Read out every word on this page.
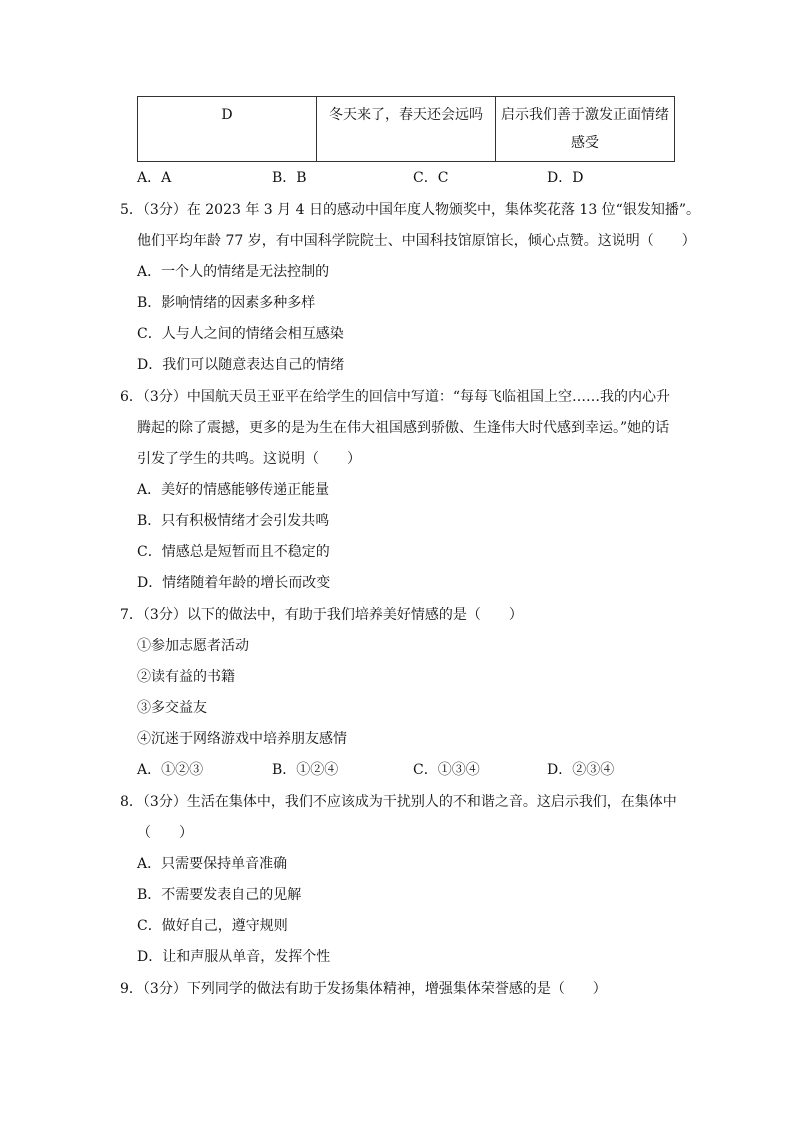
D	冬天来了，春天还会远吗	启示我们善于激发正面情绪感受
A．A	B．B	C．C	D．D
5．（3分）在 2023 年 3 月 4 日的感动中国年度人物颁奖中，集体奖花落 13 位“银发知播”。
他们平均年龄 77 岁，有中国科学院院士、中国科技馆原馆长，倾心点赞。这说明（　　）
A．一个人的情绪是无法控制的
B．影响情绪的因素多种多样
C．人与人之间的情绪会相互感染
D．我们可以随意表达自己的情绪
6．（3分）中国航天员王亚平在给学生的回信中写道：“每每飞临祖国上空……我的内心升
腾起的除了震撼，更多的是为生在伟大祖国感到骄傲、生逢伟大时代感到幸运。”她的话
引发了学生的共鸣。这说明（　　）
A．美好的情感能够传递正能量
B．只有积极情绪才会引发共鸣
C．情感总是短暂而且不稳定的
D．情绪随着年龄的增长而改变
7．（3分）以下的做法中，有助于我们培养美好情感的是（　　）
①参加志愿者活动
②读有益的书籍
③多交益友
④沉迷于网络游戏中培养朋友感情
A．①②③	B．①②④	C．①③④	D．②③④
8．（3分）生活在集体中，我们不应该成为干扰别人的不和谐之音。这启示我们，在集体中
（　　）
A．只需要保持单音准确
B．不需要发表自己的见解
C．做好自己，遵守规则
D．让和声服从单音，发挥个性
9．（3分）下列同学的做法有助于发扬集体精神，增强集体荣誉感的是（　　）
